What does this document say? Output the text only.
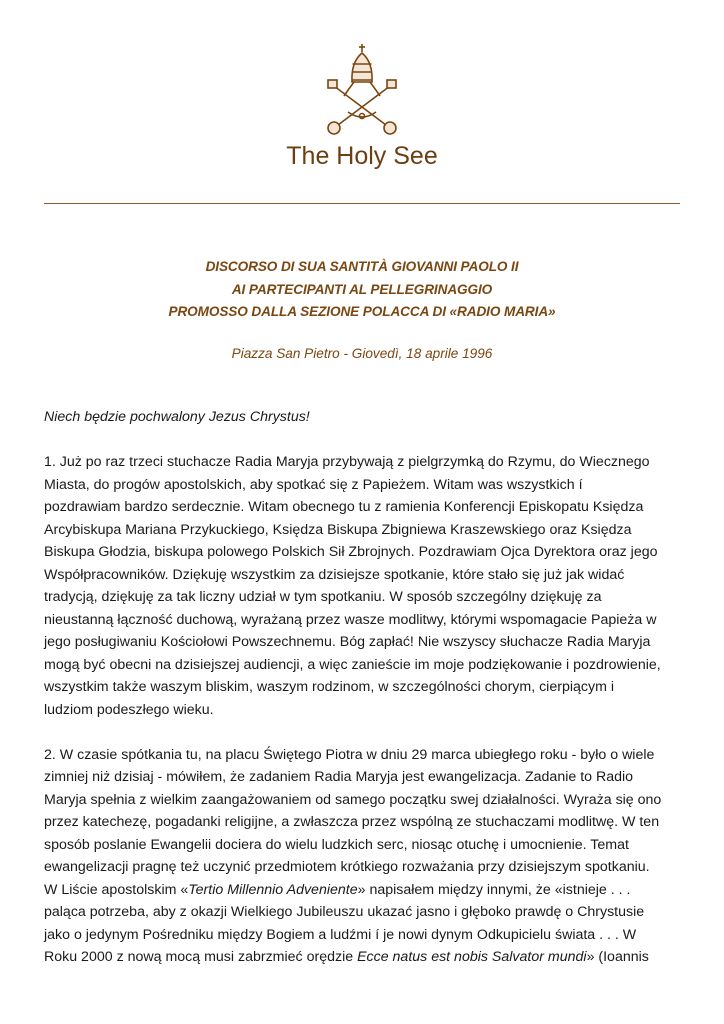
The Holy See
DISCORSO DI SUA SANTITÀ GIOVANNI PAOLO II
AI PARTECIPANTI AL PELLEGRINAGGIO
PROMOSSO DALLA SEZIONE POLACCA DI «RADIO MARIA»
Piazza San Pietro - Giovedì, 18 aprile 1996

Niech będzie pochwalony Jezus Chrystus!

1. Już po raz trzeci stuchacze Radia Maryja przybywają z pielgrzymką do Rzymu, do Wiecznego
Miasta, do progów apostolskich, aby spotkać się z Papieżem. Witam was wszystkich í
pozdrawiam bardzo serdecznie. Witam obecnego tu z ramienia Konferencji Episkopatu Księdza
Arcybiskupa Mariana Przykuckiego, Księdza Biskupa Zbigniewa Kraszewskiego oraz Księdza
Biskupa Głodzia, biskupa polowego Polskich Sił Zbrojnych. Pozdrawiam Ojca Dyrektora oraz jego
Współpracowników. Dziękuję wszystkim za dzisiejsze spotkanie, które stało się już jak widać
tradycją, dziękuję za tak liczny udział w tym spotkaniu. W sposób szczególny dziękuję za
nieustanną łączność duchową, wyrażaną przez wasze modlitwy, którymi wspomagacie Papieża w
jego posługiwaniu Kościołowi Powszechnemu. Bóg zapłać! Nie wszyscy słuchacze Radia Maryja
mogą być obecni na dzisiejszej audiencji, a więc zanieście im moje podziękowanie i pozdrowienie,
wszystkim także waszym bliskim, waszym rodzinom, w szczególności chorym, cierpiącym i
ludziom podeszłego wieku.

2. W czasie spótkania tu, na placu Świętego Piotra w dniu 29 marca ubiegłego roku - było o wiele
zimniej niż dzisiaj - mówiłem, że zadaniem Radia Maryja jest ewangelizacja. Zadanie to Radio
Maryja spełnia z wielkim zaangażowaniem od samego początku swej działalności. Wyraża się ono
przez katechezę, pogadanki religijne, a zwłaszcza przez wspólną ze stuchaczami modlitwę. W ten
sposób poslanie Ewangelii dociera do wielu ludzkich serc, niosąc otuchę i umocnienie. Temat
ewangelizacji pragnę też uczynić przedmiotem krótkiego rozważania przy dzisiejszym spotkaniu.
W Liście apostolskim «Tertio Millennio Adveniente» napisałem między innymi, że «istnieje . . .
paląca potrzeba, aby z okazji Wielkiego Jubileuszu ukazać jasno i głęboko prawdę o Chrystusie
jako o jedynym Pośredniku między Bogiem a ludźmi í je nowi dynym Odkupicielu świata . . . W
Roku 2000 z nową mocą musi zabrzmieć orędzie Ecce natus est nobis Salvator mundi» (Ioannis
